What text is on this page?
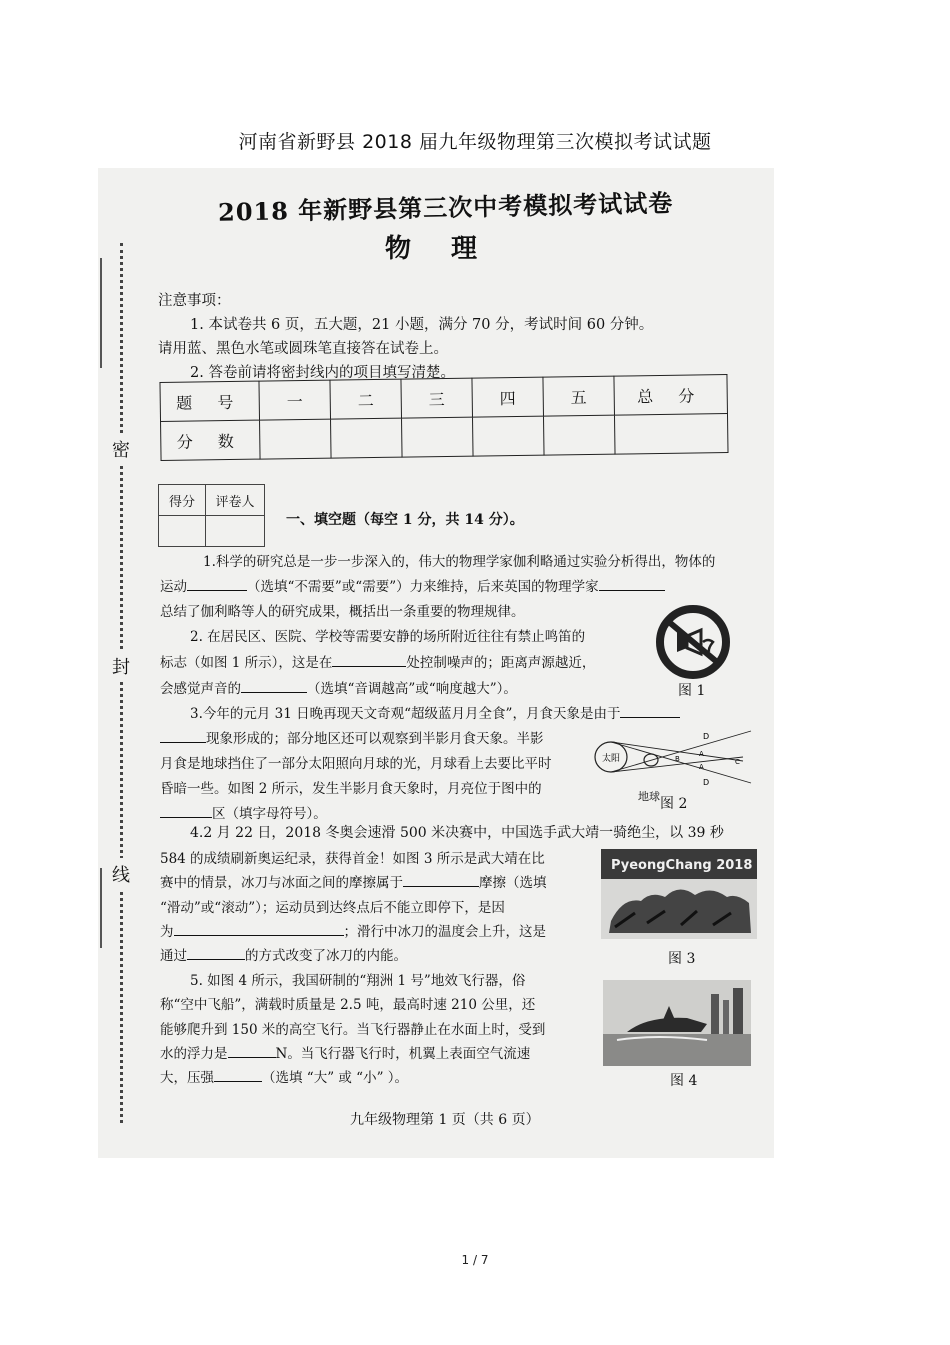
河南省新野县 2018 届九年级物理第三次模拟考试试题
密
封
线
2018 年新野县第三次中考模拟考试试卷
物理
注意事项：
1. 本试卷共 6 页，五大题，21 小题，满分 70 分，考试时间 60 分钟。
请用蓝、黑色水笔或圆珠笔直接答在试卷上。
2. 答卷前请将密封线内的项目填写清楚。
题 号	一	二	三	四	五	总 分
分 数						
得分	评卷人

一、填空题（每空 1 分，共 14 分）。
1.科学的研究总是一步一步深入的，伟大的物理学家伽利略通过实验分析得出，物体的
运动	（选填“不需要”或“需要”）力来维持，后来英国的物理学家
总结了伽利略等人的研究成果，概括出一条重要的物理规律。
2. 在居民区、医院、学校等需要安静的场所附近往往有禁止鸣笛的
标志（如图 1 所示），这是在	处控制噪声的；距离声源越近，
会感觉声音的	（选填“音调越高”或“响度越大”）。	图 1
3.今年的元月 31 日晚再现天文奇观“超级蓝月月全食”，月食天象是由于
现象形成的；部分地区还可以观察到半影月食天象。半影
月食是地球挡住了一部分太阳照向月球的光，月球看上去要比平时
昏暗一些。如图 2 所示，发生半影月食天象时，月亮位于图中的
区（填字母符号）。
太阳
D
D
B
A
A
C
地球 图 2
4.2 月 22 日，2018 冬奥会速滑 500 米决赛中，中国选手武大靖一骑绝尘，以 39 秒
584 的成绩刷新奥运纪录，获得首金！如图 3 所示是武大靖在比
赛中的情景，冰刀与冰面之间的摩擦属于	摩擦（选填
“滑动”或“滚动”）；运动员到达终点后不能立即停下，是因
为	；滑行中冰刀的温度会上升，这是
通过	的方式改变了冰刀的内能。
PyeongChang 2018
图 3
5. 如图 4 所示，我国研制的“翔洲 1 号”地效飞行器，俗
称“空中飞船”，满载时质量是 2.5 吨，最高时速 210 公里，还
能够爬升到 150 米的高空飞行。当飞行器静止在水面上时，受到
水的浮力是	N。当飞行器飞行时，机翼上表面空气流速
大，压强	（选填 “大” 或 “小” ）。	图 4
九年级物理第 1 页（共 6 页）
1 / 7
